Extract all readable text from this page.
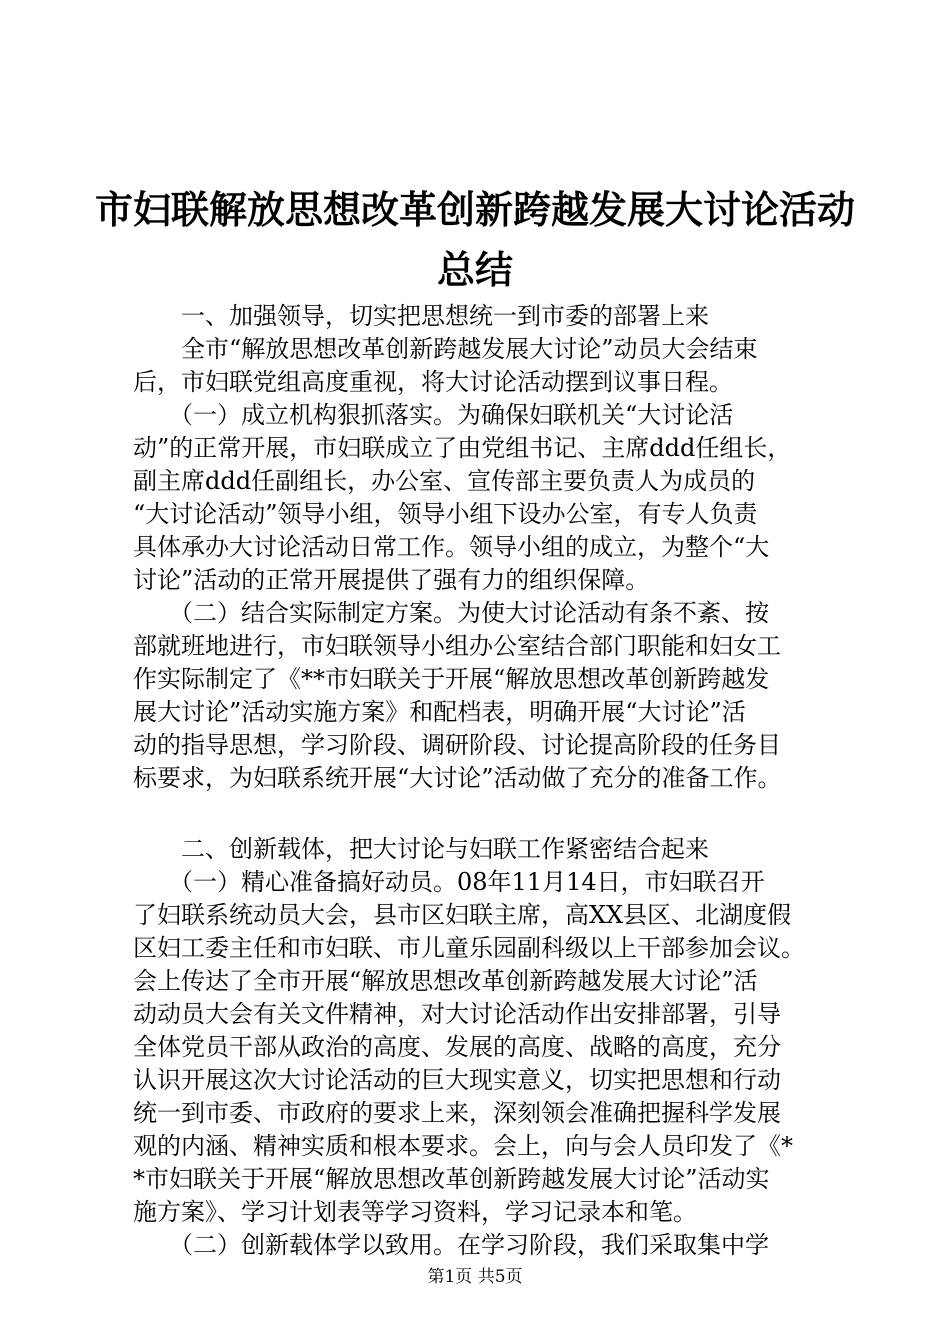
市妇联解放思想改革创新跨越发展大讨论活动
总结
　　一、加强领导，切实把思想统一到市委的部署上来
　　全市“解放思想改革创新跨越发展大讨论”动员大会结束
后，市妇联党组高度重视，将大讨论活动摆到议事日程。
　　（一）成立机构狠抓落实。为确保妇联机关“大讨论活
动”的正常开展，市妇联成立了由党组书记、主席ddd任组长，
副主席ddd任副组长，办公室、宣传部主要负责人为成员的
“大讨论活动”领导小组，领导小组下设办公室，有专人负责
具体承办大讨论活动日常工作。领导小组的成立，为整个“大
讨论”活动的正常开展提供了强有力的组织保障。
　　（二）结合实际制定方案。为使大讨论活动有条不紊、按
部就班地进行，市妇联领导小组办公室结合部门职能和妇女工
作实际制定了《**市妇联关于开展“解放思想改革创新跨越发
展大讨论”活动实施方案》和配档表，明确开展“大讨论”活
动的指导思想，学习阶段、调研阶段、讨论提高阶段的任务目
标要求，为妇联系统开展“大讨论”活动做了充分的准备工作。
　　二、创新载体，把大讨论与妇联工作紧密结合起来
　　（一）精心准备搞好动员。08年11月14日，市妇联召开
了妇联系统动员大会，县市区妇联主席，高XX县区、北湖度假
区妇工委主任和市妇联、市儿童乐园副科级以上干部参加会议。
会上传达了全市开展“解放思想改革创新跨越发展大讨论”活
动动员大会有关文件精神，对大讨论活动作出安排部署，引导
全体党员干部从政治的高度、发展的高度、战略的高度，充分
认识开展这次大讨论活动的巨大现实意义，切实把思想和行动
统一到市委、市政府的要求上来，深刻领会准确把握科学发展
观的内涵、精神实质和根本要求。会上，向与会人员印发了《*
*市妇联关于开展“解放思想改革创新跨越发展大讨论”活动实
施方案》、学习计划表等学习资料，学习记录本和笔。
　　（二）创新载体学以致用。在学习阶段，我们采取集中学
第1页 共5页
